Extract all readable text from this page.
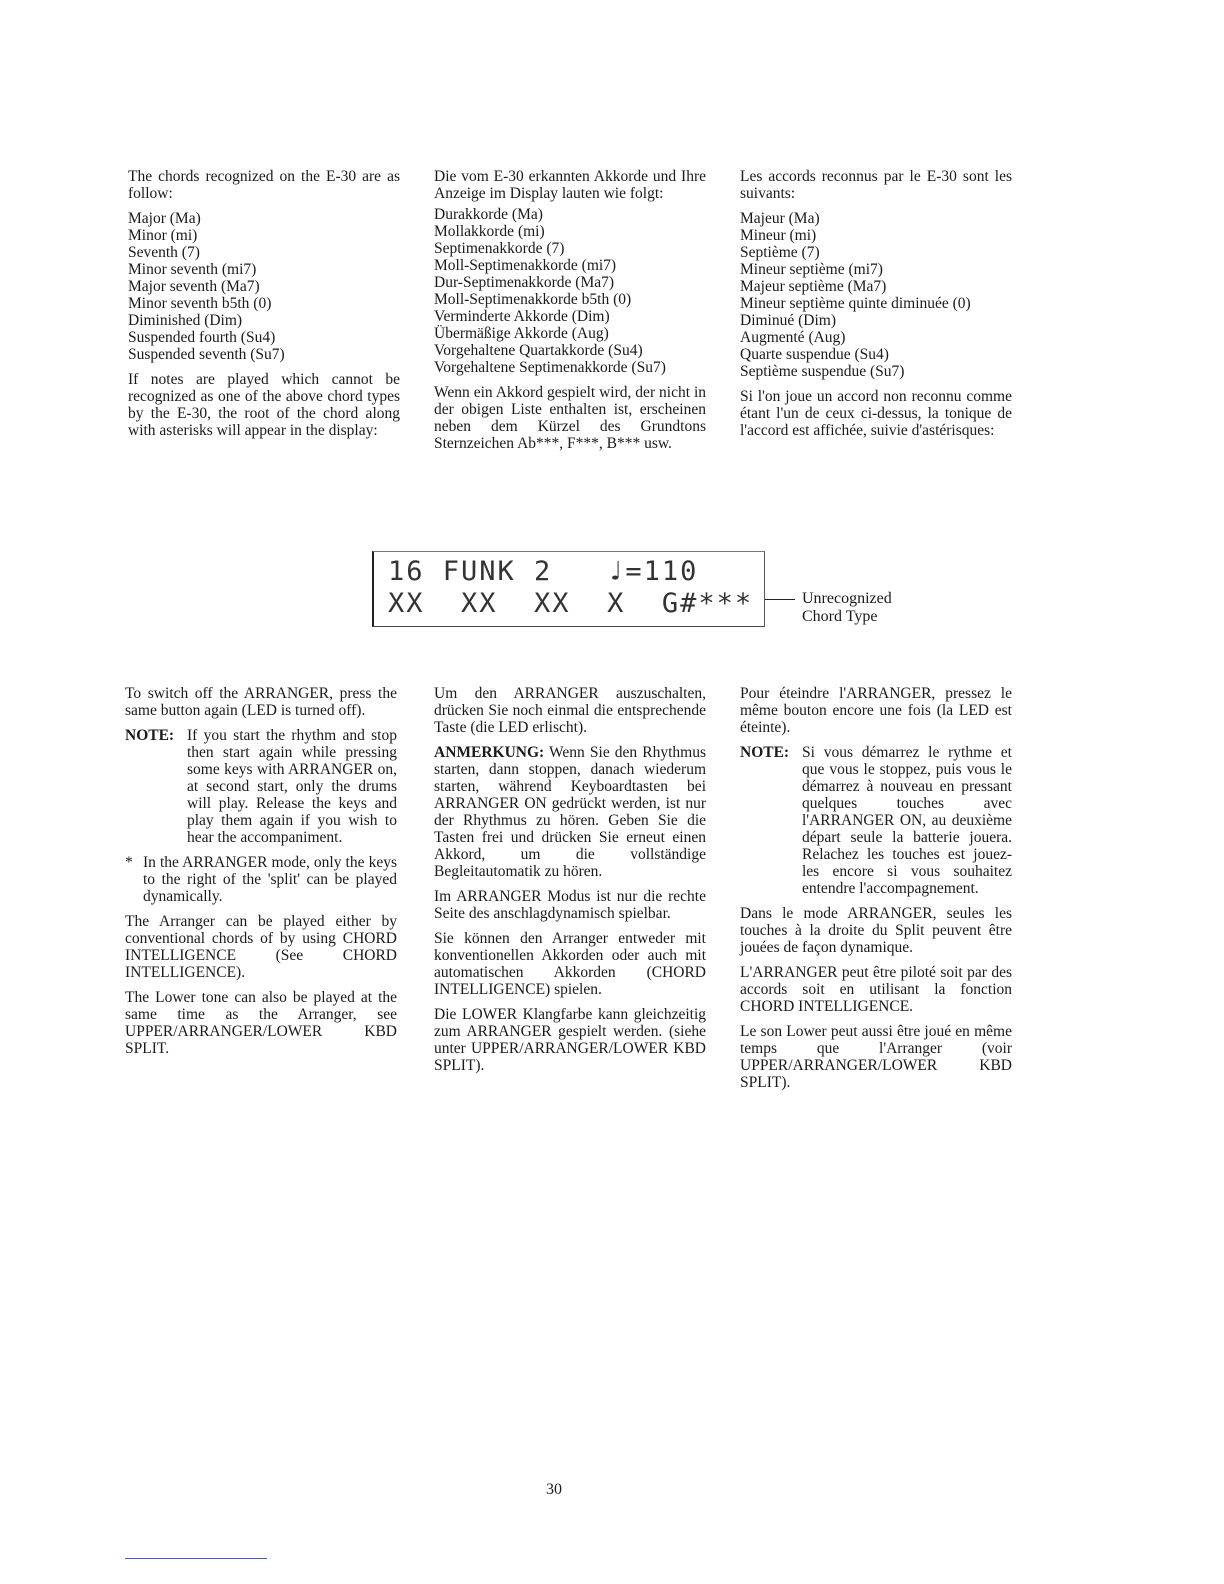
The chords recognized on the E-30 are as follow:

Major (Ma)
Minor (mi)
Seventh (7)
Minor seventh (mi7)
Major seventh (Ma7)
Minor seventh b5th (0)
Diminished (Dim)
Suspended fourth (Su4)
Suspended seventh (Su7)

If notes are played which cannot be recognized as one of the above chord types by the E-30, the root of the chord along with asterisks will appear in the display:

Die vom E-30 erkannten Akkorde und Ihre Anzeige im Display lauten wie folgt:

Durakkorde (Ma)
Mollakkorde (mi)
Septimenakkorde (7)
Moll-Septimenakkorde (mi7)
Dur-Septimenakkorde (Ma7)
Moll-Septimenakkorde b5th (0)
Verminderte Akkorde (Dim)
Übermäßige Akkorde (Aug)
Vorgehaltene Quartakkorde (Su4)
Vorgehaltene Septimenakkorde (Su7)

Wenn ein Akkord gespielt wird, der nicht in der obigen Liste enthalten ist, erscheinen neben dem Kürzel des Grundtons Sternzeichen Ab***, F***, B*** usw.

Les accords reconnus par le E-30 sont les suivants:

Majeur (Ma)
Mineur (mi)
Septième (7)
Mineur septième (mi7)
Majeur septième (Ma7)
Mineur septième quinte diminuée (0)
Diminué (Dim)
Augmenté (Aug)
Quarte suspendue (Su4)
Septième suspendue (Su7)

Si l'on joue un accord non reconnu comme étant l'un de ceux ci-dessus, la tonique de l'accord est affichée, suivie d'astérisques:

16 FUNK 2   ♩=110
XX  XX  XX  X  G#***	Unrecognized
Chord Type

To switch off the ARRANGER, press the same button again (LED is turned off).

NOTE: If you start the rhythm and stop then start again while pressing some keys with ARRANGER on, at second start, only the drums will play. Release the keys and play them again if you wish to hear the accompaniment.
* In the ARRANGER mode, only the keys to the right of the 'split' can be played dynamically.

The Arranger can be played either by conventional chords of by using CHORD INTELLIGENCE (See CHORD INTELLIGENCE).

The Lower tone can also be played at the same time as the Arranger, see UPPER/ARRANGER/LOWER KBD SPLIT.

Um den ARRANGER auszuschalten, drücken Sie noch einmal die entsprechende Taste (die LED erlischt).

ANMERKUNG: Wenn Sie den Rhythmus starten, dann stoppen, danach wiederum starten, während Keyboardtasten bei ARRANGER ON gedrückt werden, ist nur der Rhythmus zu hören. Geben Sie die Tasten frei und drücken Sie erneut einen Akkord, um die vollständige Begleitautomatik zu hören.

Im ARRANGER Modus ist nur die rechte Seite des anschlagdynamisch spielbar.

Sie können den Arranger entweder mit konventionellen Akkorden oder auch mit automatischen Akkorden (CHORD INTELLIGENCE) spielen.

Die LOWER Klangfarbe kann gleichzeitig zum ARRANGER gespielt werden. (siehe unter UPPER/ARRANGER/LOWER KBD SPLIT).

Pour éteindre l'ARRANGER, pressez le même bouton encore une fois (la LED est éteinte).

NOTE: Si vous démarrez le rythme et que vous le stoppez, puis vous le démarrez à nouveau en pressant quelques touches avec l'ARRANGER ON, au deuxième départ seule la batterie jouera. Relachez les touches est jouez-les encore si vous souhaitez entendre l'accompagnement.

Dans le mode ARRANGER, seules les touches à la droite du Split peuvent être jouées de façon dynamique.

L'ARRANGER peut être piloté soit par des accords soit en utilisant la fonction CHORD INTELLIGENCE.

Le son Lower peut aussi être joué en même temps que l'Arranger (voir UPPER/ARRANGER/LOWER KBD SPLIT).

30
